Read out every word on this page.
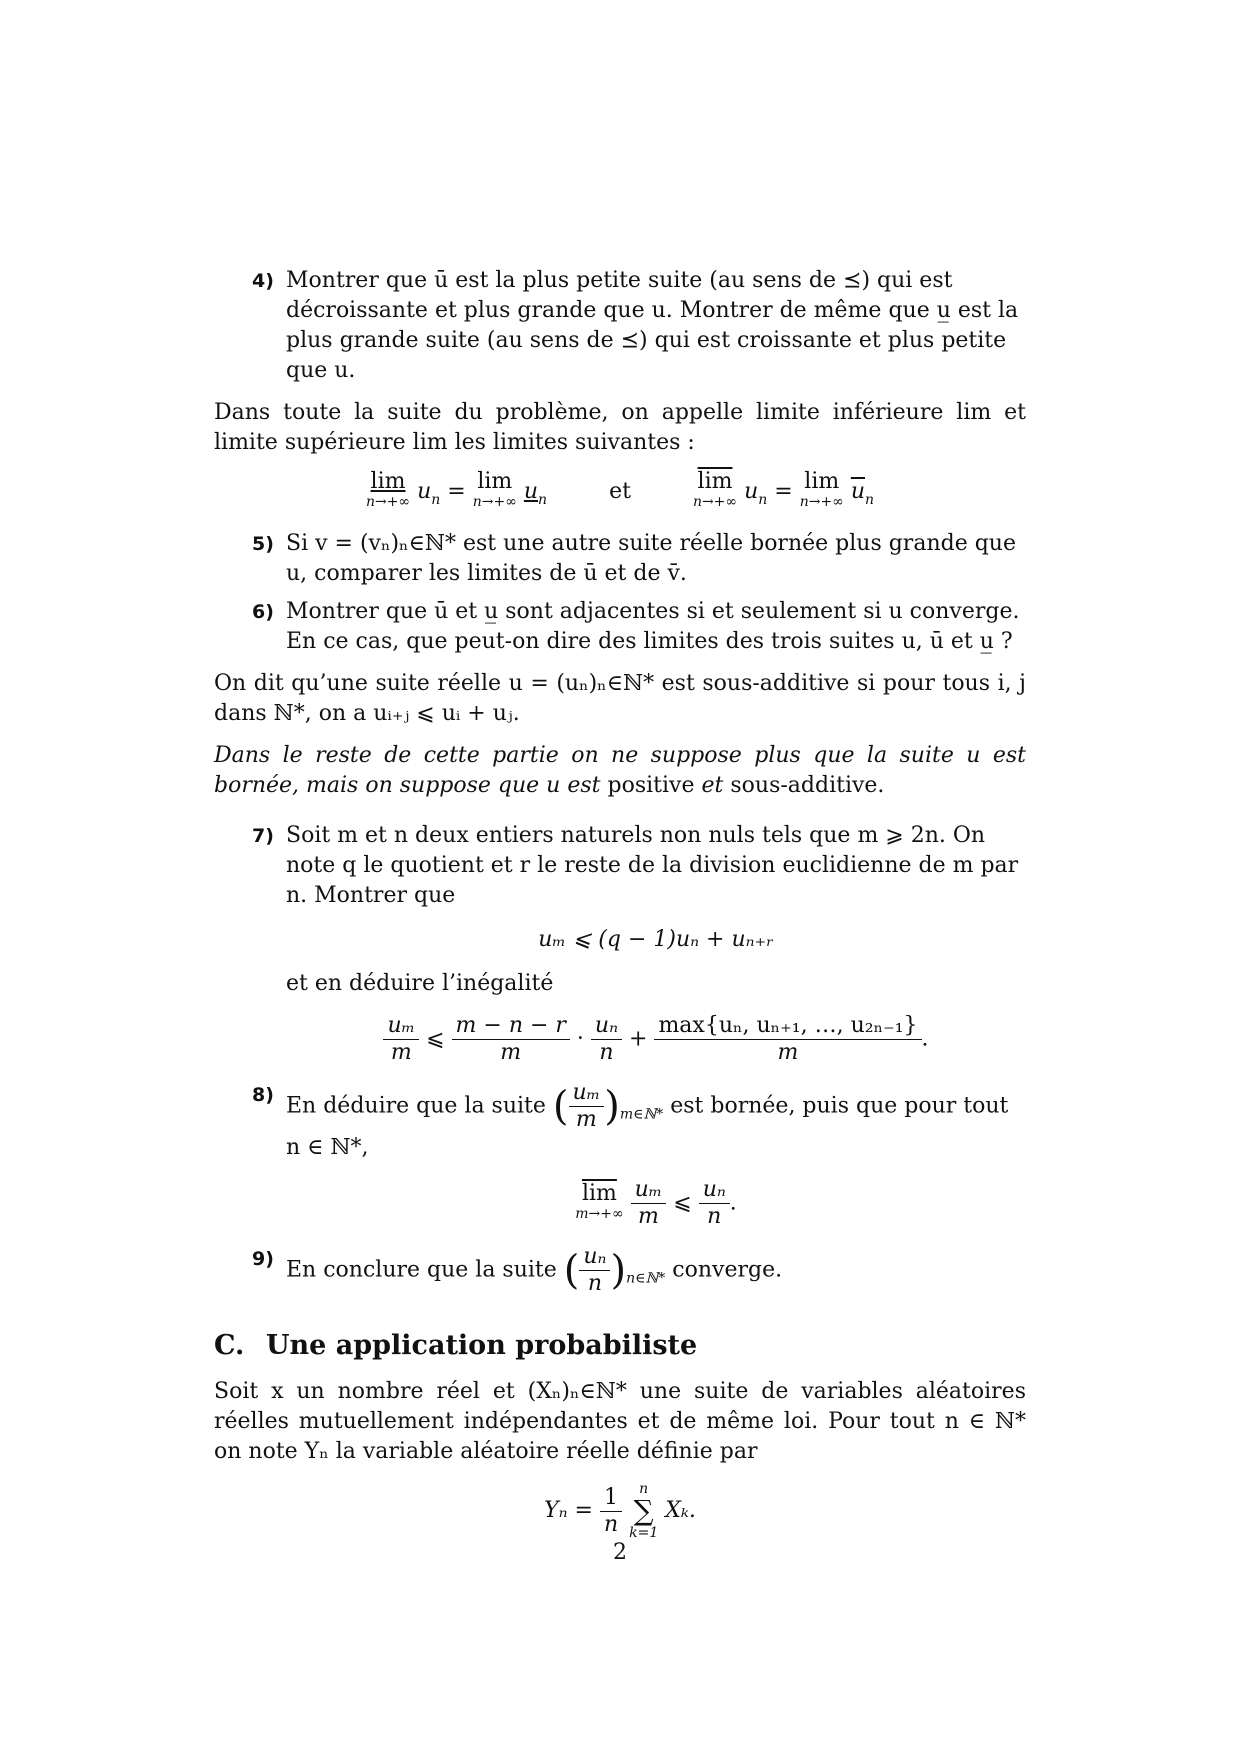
4) Montrer que ū est la plus petite suite (au sens de ⪯) qui est décroissante et plus grande que u. Montrer de même que u̲ est la plus grande suite (au sens de ⪯) qui est croissante et plus petite que u.

Dans toute la suite du problème, on appelle limite inférieure lim et limite supérieure lim les limites suivantes :

lim
n→+∞ $u_n = \lim$
n→+∞ $u_n$	et	$\overline{lim}$
n→+∞ $u_n = \lim$
n→+∞ $\overline{u}_n$
5) Si v = (vₙ)ₙ∈ℕ* est une autre suite réelle bornée plus grande que u, comparer les limites de ū et de v̄.
6) Montrer que ū et u̲ sont adjacentes si et seulement si u converge. En ce cas, que peut-on dire des limites des trois suites u, ū et u̲ ?

On dit qu’une suite réelle u = (uₙ)ₙ∈ℕ* est sous-additive si pour tous i, j dans ℕ*, on a uᵢ₊ⱼ ⩽ uᵢ + uⱼ.

Dans le reste de cette partie on ne suppose plus que la suite u est bornée, mais on suppose que u est positive et sous-additive.

7) Soit m et n deux entiers naturels non nuls tels que m ⩾ 2n. On note q le quotient et r le reste de la division euclidienne de m par n. Montrer que
uₘ ⩽ (q − 1)uₙ + uₙ₊ᵣ
et en déduire l’inégalité
$\frac{\text{uₘ}}{m}$ ⩽ $\frac{m - n - r}{m} \cdot \frac{\text{uₙ}}{n} + \frac{\text{max\{uₙ, uₙ₊₁, …, u₂ₙ₋₁\}}}{m}$ .
8) En déduire que la suite ( $\frac{\text{uₘ}}{m} )_{m\in ℕ*}$ est bornée, puis que pour tout n ∈ ℕ*,
$\overline{lim}$
m→+∞
$\frac{\text{uₘ}}{m}$ ⩽ $\frac{\text{uₙ}}{n}$ .
9) En conclure que la suite ( $\frac{\text{uₙ}}{n} )_{n\in ℕ*}$ converge.
C. Une application probabiliste

Soit x un nombre réel et (Xₙ)ₙ∈ℕ* une suite de variables aléatoires réelles mutuellement indépendantes et de même loi. Pour tout n ∈ ℕ* on note Yₙ la variable aléatoire réelle définie par

$Y_n = \frac{1}{n}$
	n
∑
k=1
Xₖ.
2
